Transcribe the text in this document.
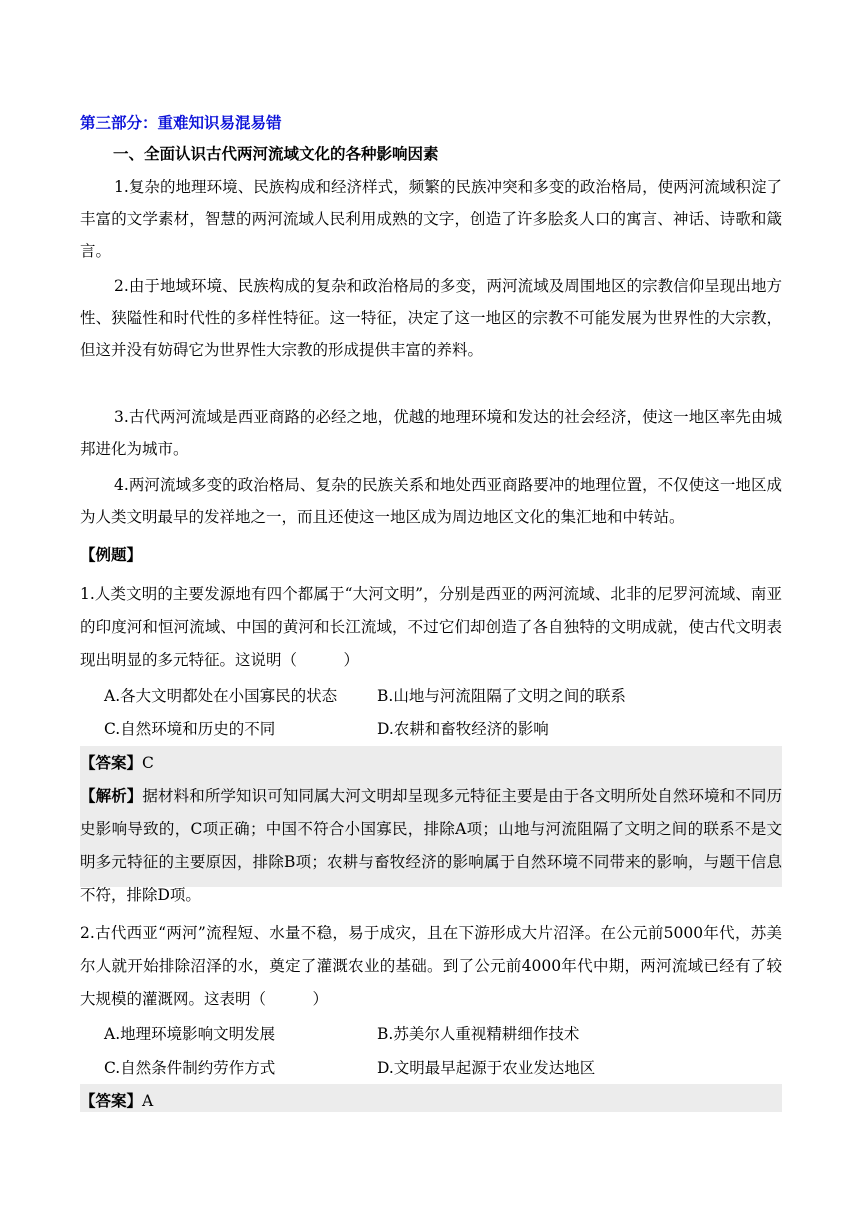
第三部分：重难知识易混易错
一、全面认识古代两河流域文化的各种影响因素

1.复杂的地理环境、民族构成和经济样式，频繁的民族冲突和多变的政治格局，使两河流域积淀了丰富的文学素材，智慧的两河流域人民利用成熟的文字，创造了许多脍炙人口的寓言、神话、诗歌和箴言。

2.由于地域环境、民族构成的复杂和政治格局的多变，两河流域及周围地区的宗教信仰呈现出地方性、狭隘性和时代性的多样性特征。这一特征，决定了这一地区的宗教不可能发展为世界性的大宗教，但这并没有妨碍它为世界性大宗教的形成提供丰富的养料。

3.古代两河流域是西亚商路的必经之地，优越的地理环境和发达的社会经济，使这一地区率先由城邦进化为城市。

4.两河流域多变的政治格局、复杂的民族关系和地处西亚商路要冲的地理位置，不仅使这一地区成为人类文明最早的发祥地之一，而且还使这一地区成为周边地区文化的集汇地和中转站。

【例题】

1.人类文明的主要发源地有四个都属于“大河文明”，分别是西亚的两河流域、北非的尼罗河流域、南亚的印度河和恒河流域、中国的黄河和长江流域，不过它们却创造了各自独特的文明成就，使古代文明表现出明显的多元特征。这说明（　　　）

A.各大文明都处在小国寡民的状态	B.山地与河流阻隔了文明之间的联系
C.自然环境和历史的不同	D.农耕和畜牧经济的影响
【答案】C

【解析】据材料和所学知识可知同属大河文明却呈现多元特征主要是由于各文明所处自然环境和不同历史影响导致的，C项正确；中国不符合小国寡民，排除A项；山地与河流阻隔了文明之间的联系不是文明多元特征的主要原因，排除B项；农耕与畜牧经济的影响属于自然环境不同带来的影响，与题干信息不符，排除D项。

2.古代西亚“两河”流程短、水量不稳，易于成灾，且在下游形成大片沼泽。在公元前5000年代，苏美尔人就开始排除沼泽的水，奠定了灌溉农业的基础。到了公元前4000年代中期，两河流域已经有了较大规模的灌溉网。这表明（　　　）

A.地理环境影响文明发展	B.苏美尔人重视精耕细作技术
C.自然条件制约劳作方式	D.文明最早起源于农业发达地区
【答案】A
